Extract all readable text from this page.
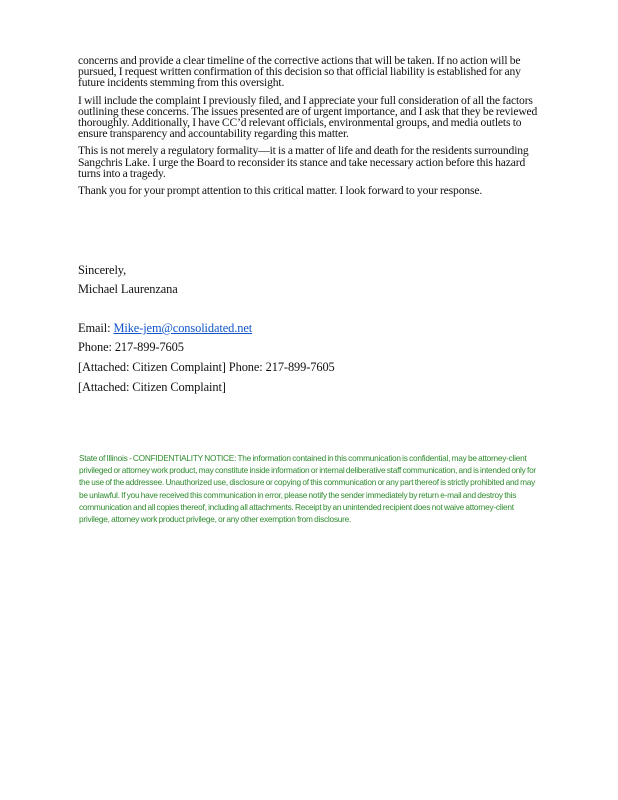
concerns and provide a clear timeline of the corrective actions that will be taken. If no action will be pursued, I request written confirmation of this decision so that official liability is established for any future incidents stemming from this oversight.

I will include the complaint I previously filed, and I appreciate your full consideration of all the factors outlining these concerns. The issues presented are of urgent importance, and I ask that they be reviewed thoroughly. Additionally, I have CC’d relevant officials, environmental groups, and media outlets to ensure transparency and accountability regarding this matter.

This is not merely a regulatory formality—it is a matter of life and death for the residents surrounding Sangchris Lake. I urge the Board to reconsider its stance and take necessary action before this hazard turns into a tragedy.

Thank you for your prompt attention to this critical matter. I look forward to your response.

Sincerely,

Michael Laurenzana

Email: Mike-jem@consolidated.net

Phone: 217-899-7605

[Attached: Citizen Complaint] Phone: 217-899-7605

[Attached: Citizen Complaint]

State of Illinois - CONFIDENTIALITY NOTICE: The information contained in this communication is confidential, may be attorney-client privileged or attorney work product, may constitute inside information or internal deliberative staff communication, and is intended only for the use of the addressee. Unauthorized use, disclosure or copying of this communication or any part thereof is strictly prohibited and may be unlawful. If you have received this communication in error, please notify the sender immediately by return e-mail and destroy this communication and all copies thereof, including all attachments. Receipt by an unintended recipient does not waive attorney-client privilege, attorney work product privilege, or any other exemption from disclosure.
